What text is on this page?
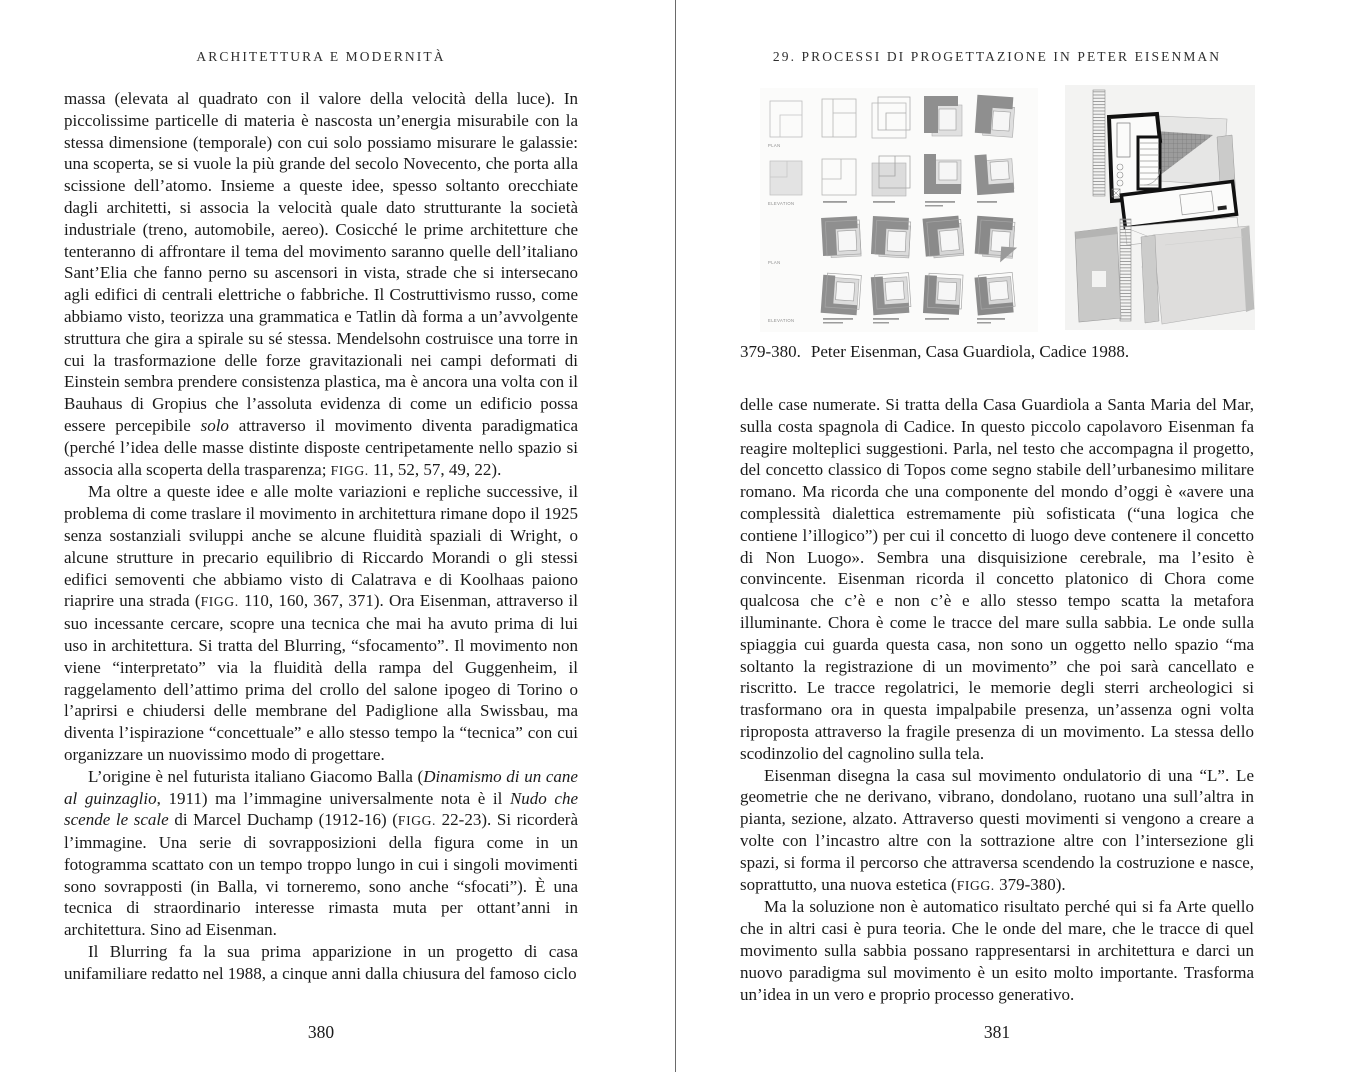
ARCHITETTURA E MODERNITÀ

massa (elevata al quadrato con il valore della velocità della luce). In piccolissime particelle di materia è nascosta un’energia misurabile con la stessa dimensione (temporale) con cui solo possiamo misurare le galassie: una scoperta, se si vuole la più grande del secolo Novecento, che porta alla scissione dell’atomo. Insieme a queste idee, spesso soltanto orecchiate dagli architetti, si associa la velocità quale dato strutturante la società industriale (treno, automobile, aereo). Cosicché le prime architetture che tenteranno di affrontare il tema del movimento saranno quelle dell’italiano Sant’Elia che fanno perno su ascensori in vista, strade che si intersecano agli edifici di centrali elettriche o fabbriche. Il Costruttivismo russo, come abbiamo visto, teorizza una grammatica e Tatlin dà forma a un’avvolgente struttura che gira a spirale su sé stessa. Mendelsohn costruisce una torre in cui la trasformazione delle forze gravitazionali nei campi deformati di Einstein sembra prendere consistenza plastica, ma è ancora una volta con il Bauhaus di Gropius che l’assoluta evidenza di come un edificio possa essere percepibile solo attraverso il movimento diventa paradigmatica (perché l’idea delle masse distinte disposte centripetamente nello spazio si associa alla scoperta della trasparenza; FIGG. 11, 52, 57, 49, 22).

Ma oltre a queste idee e alle molte variazioni e repliche successive, il problema di come traslare il movimento in architettura rimane dopo il 1925 senza sostanziali sviluppi anche se alcune fluidità spaziali di Wright, o alcune strutture in precario equilibrio di Riccardo Morandi o gli stessi edifici semoventi che abbiamo visto di Calatrava e di Koolhaas paiono riaprire una strada (FIGG. 110, 160, 367, 371). Ora Eisenman, attraverso il suo incessante cercare, scopre una tecnica che mai ha avuto prima di lui uso in architettura. Si tratta del Blurring, “sfocamento”. Il movimento non viene “interpretato” via la fluidità della rampa del Guggenheim, il raggelamento dell’attimo prima del crollo del salone ipogeo di Torino o l’aprirsi e chiudersi delle membrane del Padiglione alla Swissbau, ma diventa l’ispirazione “concettuale” e allo stesso tempo la “tecnica” con cui organizzare un nuovissimo modo di progettare.

L’origine è nel futurista italiano Giacomo Balla (Dinamismo di un cane al guinzaglio, 1911) ma l’immagine universalmente nota è il Nudo che scende le scale di Marcel Duchamp (1912-16) (FIGG. 22-23). Si ricorderà l’immagine. Una serie di sovrapposizioni della figura come in un fotogramma scattato con un tempo troppo lungo in cui i singoli movimenti sono sovrapposti (in Balla, vi torneremo, sono anche “sfocati”). È una tecnica di straordinario interesse rimasta muta per ottant’anni in architettura. Sino ad Eisenman.

Il Blurring fa la sua prima apparizione in un progetto di casa unifamiliare redatto nel 1988, a cinque anni dalla chiusura del famoso ciclo

380
29. PROCESSI DI PROGETTAZIONE IN PETER EISENMAN
PLAN
ELEVATION
PLAN
ELEVATION
379-380. Peter Eisenman, Casa Guardiola, Cadice 1988.

delle case numerate. Si tratta della Casa Guardiola a Santa Maria del Mar, sulla costa spagnola di Cadice. In questo piccolo capolavoro Eisenman fa reagire molteplici suggestioni. Parla, nel testo che accompagna il progetto, del concetto classico di Topos come segno stabile dell’urbanesimo militare romano. Ma ricorda che una componente del mondo d’oggi è «avere una complessità dialettica estremamente più sofisticata (“una logica che contiene l’illogico”) per cui il concetto di luogo deve contenere il concetto di Non Luogo». Sembra una disquisizione cerebrale, ma l’esito è convincente. Eisenman ricorda il concetto platonico di Chora come qualcosa che c’è e non c’è e allo stesso tempo scatta la metafora illuminante. Chora è come le tracce del mare sulla sabbia. Le onde sulla spiaggia cui guarda questa casa, non sono un oggetto nello spazio “ma soltanto la registrazione di un movimento” che poi sarà cancellato e riscritto. Le tracce regolatrici, le memorie degli sterri archeologici si trasformano ora in questa impalpabile presenza, un’assenza ogni volta riproposta attraverso la fragile presenza di un movimento. La stessa dello scodinzolio del cagnolino sulla tela.

Eisenman disegna la casa sul movimento ondulatorio di una “L”. Le geometrie che ne derivano, vibrano, dondolano, ruotano una sull’altra in pianta, sezione, alzato. Attraverso questi movimenti si vengono a creare a volte con l’incastro altre con la sottrazione altre con l’intersezione gli spazi, si forma il percorso che attraversa scendendo la costruzione e nasce, soprattutto, una nuova estetica (FIGG. 379-380).

Ma la soluzione non è automatico risultato perché qui si fa Arte quello che in altri casi è pura teoria. Che le onde del mare, che le tracce di quel movimento sulla sabbia possano rappresentarsi in architettura e darci un nuovo paradigma sul movimento è un esito molto importante. Trasforma un’idea in un vero e proprio processo generativo.

381
